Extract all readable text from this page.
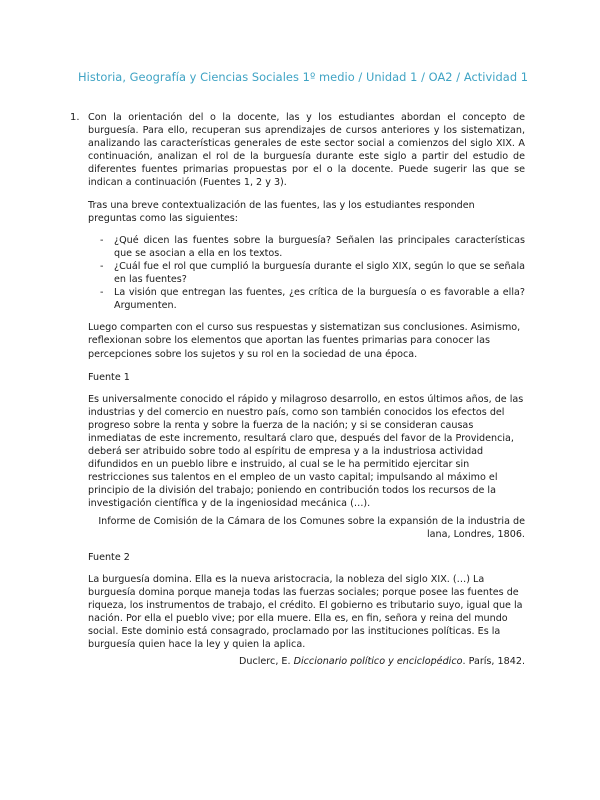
Historia, Geografía y Ciencias Sociales 1º medio / Unidad 1 / OA2 / Actividad 1
1. Con la orientación del o la docente, las y los estudiantes abordan el concepto de burguesía. Para ello, recuperan sus aprendizajes de cursos anteriores y los sistematizan, analizando las características generales de este sector social a comienzos del siglo XIX. A continuación, analizan el rol de la burguesía durante este siglo a partir del estudio de diferentes fuentes primarias propuestas por el o la docente. Puede sugerir las que se indican a continuación (Fuentes 1, 2 y 3).

Tras una breve contextualización de las fuentes, las y los estudiantes responden preguntas como las siguientes:

- ¿Qué dicen las fuentes sobre la burguesía? Señalen las principales características que se asocian a ella en los textos.
- ¿Cuál fue el rol que cumplió la burguesía durante el siglo XIX, según lo que se señala en las fuentes?
- La visión que entregan las fuentes, ¿es crítica de la burguesía o es favorable a ella? Argumenten.

Luego comparten con el curso sus respuestas y sistematizan sus conclusiones. Asimismo, reflexionan sobre los elementos que aportan las fuentes primarias para conocer las percepciones sobre los sujetos y su rol en la sociedad de una época.

Fuente 1

Es universalmente conocido el rápido y milagroso desarrollo, en estos últimos años, de las industrias y del comercio en nuestro país, como son también conocidos los efectos del progreso sobre la renta y sobre la fuerza de la nación; y si se consideran causas inmediatas de este incremento, resultará claro que, después del favor de la Providencia, deberá ser atribuido sobre todo al espíritu de empresa y a la industriosa actividad difundidos en un pueblo libre e instruido, al cual se le ha permitido ejercitar sin restricciones sus talentos en el empleo de un vasto capital; impulsando al máximo el principio de la división del trabajo; poniendo en contribución todos los recursos de la investigación científica y de la ingeniosidad mecánica (…).

Informe de Comisión de la Cámara de los Comunes sobre la expansión de la industria de lana, Londres, 1806.

Fuente 2

La burguesía domina. Ella es la nueva aristocracia, la nobleza del siglo XIX. (…) La burguesía domina porque maneja todas las fuerzas sociales; porque posee las fuentes de riqueza, los instrumentos de trabajo, el crédito. El gobierno es tributario suyo, igual que la nación. Por ella el pueblo vive; por ella muere. Ella es, en fin, señora y reina del mundo social. Este dominio está consagrado, proclamado por las instituciones políticas. Es la burguesía quien hace la ley y quien la aplica.

Duclerc, E. Diccionario político y enciclopédico. París, 1842.
